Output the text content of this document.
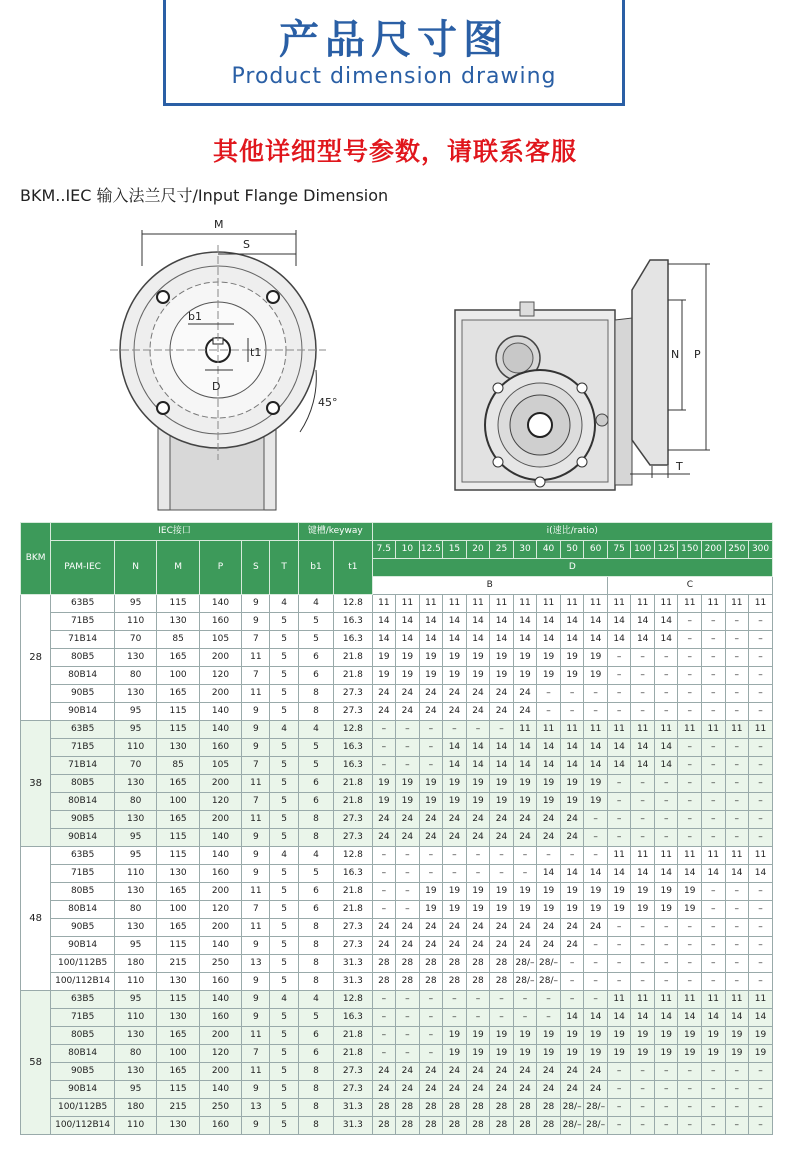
产品尺寸图
Product dimension drawing
其他详细型号参数，请联系客服
BKM..IEC 输入法兰尺寸/Input Flange Dimension
M
S
b1
t1
D
45°
N P
T
BKM	IEC接口						键槽/keyway		i(速比/ratio)																
	PAM-IEC	N	M	P	S	T	b1	t1	7.5	10	12.5	15	20	25	30	40	50	60	75	100	125	150	200	250	300
									D																
									B										C						
28	63B5	95	115	140	9	4	4	12.8	11	11	11	11	11	11	11	11	11	11	11	11	11	11	11	11	11
	71B5	110	130	160	9	5	5	16.3	14	14	14	14	14	14	14	14	14	14	14	14	14	–	–	–	–
	71B14	70	85	105	7	5	5	16.3	14	14	14	14	14	14	14	14	14	14	14	14	14	–	–	–	–
	80B5	130	165	200	11	5	6	21.8	19	19	19	19	19	19	19	19	19	19	–	–	–	–	–	–	–
	80B14	80	100	120	7	5	6	21.8	19	19	19	19	19	19	19	19	19	19	–	–	–	–	–	–	–
	90B5	130	165	200	11	5	8	27.3	24	24	24	24	24	24	24	–	–	–	–	–	–	–	–	–	–
	90B14	95	115	140	9	5	8	27.3	24	24	24	24	24	24	24	–	–	–	–	–	–	–	–	–	–
38	63B5	95	115	140	9	4	4	12.8	–	–	–	–	–	–	11	11	11	11	11	11	11	11	11	11	11
	71B5	110	130	160	9	5	5	16.3	–	–	–	14	14	14	14	14	14	14	14	14	14	–	–	–	–
	71B14	70	85	105	7	5	5	16.3	–	–	–	14	14	14	14	14	14	14	14	14	14	–	–	–	–
	80B5	130	165	200	11	5	6	21.8	19	19	19	19	19	19	19	19	19	19	–	–	–	–	–	–	–
	80B14	80	100	120	7	5	6	21.8	19	19	19	19	19	19	19	19	19	19	–	–	–	–	–	–	–
	90B5	130	165	200	11	5	8	27.3	24	24	24	24	24	24	24	24	24	–	–	–	–	–	–	–	–
	90B14	95	115	140	9	5	8	27.3	24	24	24	24	24	24	24	24	24	–	–	–	–	–	–	–	–
48	63B5	95	115	140	9	4	4	12.8	–	–	–	–	–	–	–	–	–	–	11	11	11	11	11	11	11
	71B5	110	130	160	9	5	5	16.3	–	–	–	–	–	–	–	14	14	14	14	14	14	14	14	14	14
	80B5	130	165	200	11	5	6	21.8	–	–	19	19	19	19	19	19	19	19	19	19	19	19	–	–	–
	80B14	80	100	120	7	5	6	21.8	–	–	19	19	19	19	19	19	19	19	19	19	19	19	–	–	–
	90B5	130	165	200	11	5	8	27.3	24	24	24	24	24	24	24	24	24	24	–	–	–	–	–	–	–
	90B14	95	115	140	9	5	8	27.3	24	24	24	24	24	24	24	24	24	–	–	–	–	–	–	–	–
	100/112B5	180	215	250	13	5	8	31.3	28	28	28	28	28	28	28/–	28/–	–	–	–	–	–	–	–	–	–
	100/112B14	110	130	160	9	5	8	31.3	28	28	28	28	28	28	28/–	28/–	–	–	–	–	–	–	–	–	–
58	63B5	95	115	140	9	4	4	12.8	–	–	–	–	–	–	–	–	–	–	11	11	11	11	11	11	11
	71B5	110	130	160	9	5	5	16.3	–	–	–	–	–	–	–	–	14	14	14	14	14	14	14	14	14
	80B5	130	165	200	11	5	6	21.8	–	–	–	19	19	19	19	19	19	19	19	19	19	19	19	19	19
	80B14	80	100	120	7	5	6	21.8	–	–	–	19	19	19	19	19	19	19	19	19	19	19	19	19	19
	90B5	130	165	200	11	5	8	27.3	24	24	24	24	24	24	24	24	24	24	–	–	–	–	–	–	–
	90B14	95	115	140	9	5	8	27.3	24	24	24	24	24	24	24	24	24	24	–	–	–	–	–	–	–
	100/112B5	180	215	250	13	5	8	31.3	28	28	28	28	28	28	28	28	28/–	28/–	–	–	–	–	–	–	–
	100/112B14	110	130	160	9	5	8	31.3	28	28	28	28	28	28	28	28	28/–	28/–	–	–	–	–	–	–	–
